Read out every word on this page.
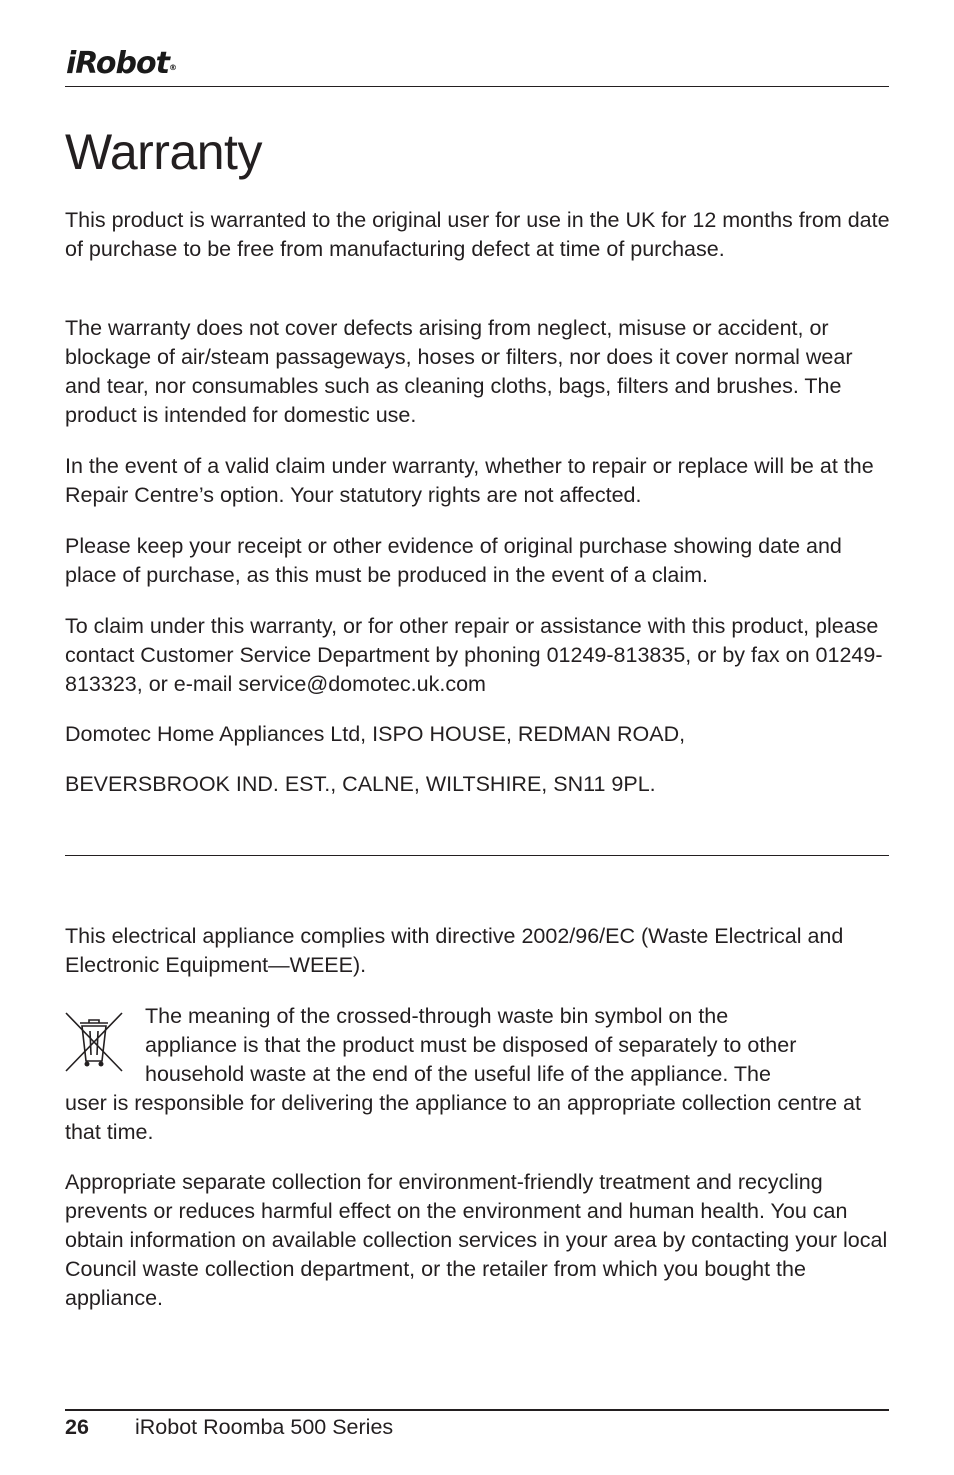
iRobot®
Warranty

This product is warranted to the original user for use in the UK for 12 months from date of purchase to be free from manufacturing defect at time of purchase.

The warranty does not cover defects arising from neglect, misuse or accident, or blockage of air/steam passageways, hoses or filters, nor does it cover normal wear and tear, nor consumables such as cleaning cloths, bags, filters and brushes. The product is intended for domestic use.

In the event of a valid claim under warranty, whether to repair or replace will be at the Repair Centre’s option. Your statutory rights are not affected.

Please keep your receipt or other evidence of original purchase showing date and place of purchase, as this must be produced in the event of a claim.

To claim under this warranty, or for other repair or assistance with this product, please contact Customer Service Department by phoning 01249-813835, or by fax on 01249-813323, or e-mail service@domotec.uk.com

Domotec Home Appliances Ltd, ISPO HOUSE, REDMAN ROAD,

BEVERSBROOK IND. EST., CALNE, WILTSHIRE, SN11 9PL.

This electrical appliance complies with directive 2002/96/EC (Waste Electrical and Electronic Equipment—WEEE).

The meaning of the crossed-through waste bin symbol on the
appliance is that the product must be disposed of separately to other
household waste at the end of the useful life of the appliance. The

user is responsible for delivering the appliance to an appropriate collection centre at that time.

Appropriate separate collection for environment-friendly treatment and recycling prevents or reduces harmful effect on the environment and human health. You can obtain information on available collection services in your area by contacting your local Council waste collection department, or the retailer from which you bought the appliance.

26 iRobot Roomba 500 Series
